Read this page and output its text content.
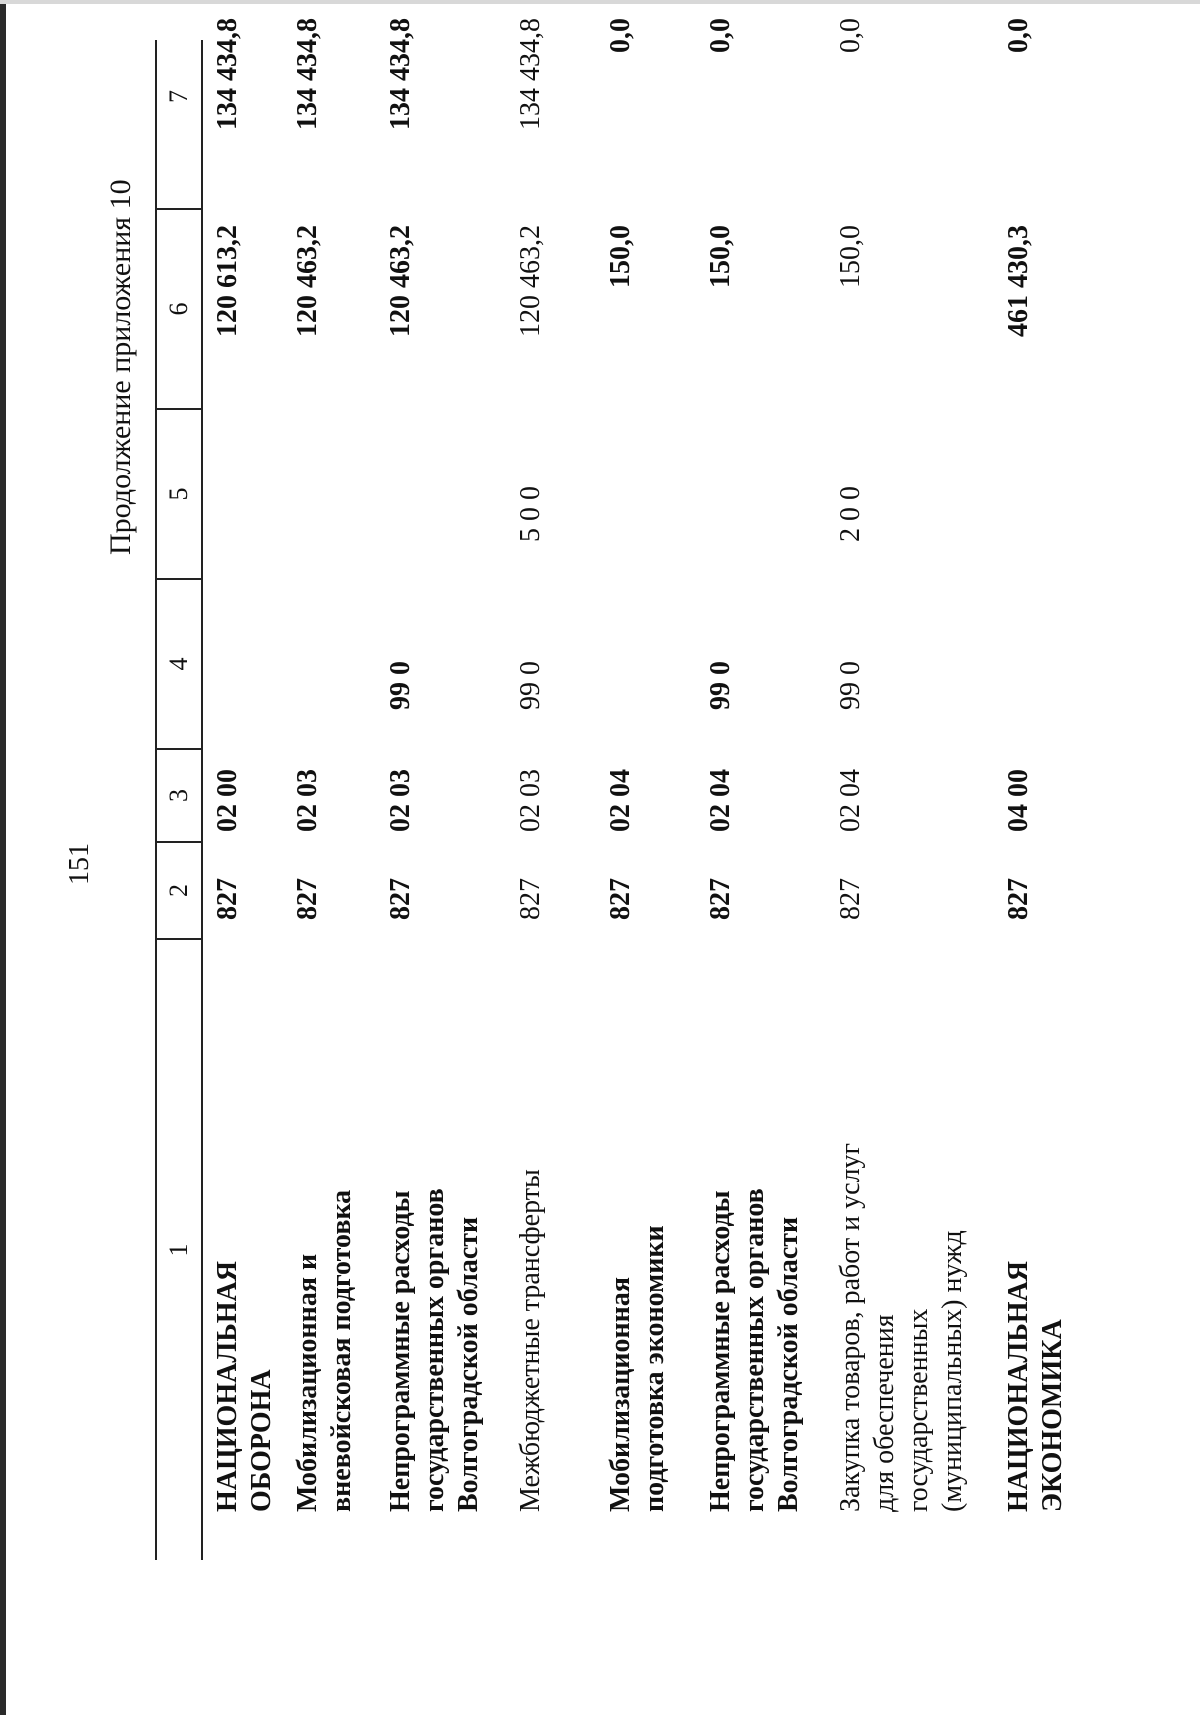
151
Продолжение приложения 10
1
2
3
4
5
6
7
НАЦИОНАЛЬНАЯ ОБОРОНА
827
02 00
120 613,2
134 434,8
Мобилизационная и вневойсковая подготовка
827
02 03
120 463,2
134 434,8
Непрограммные расходы государственных органов Волгоградской области
827
02 03
99 0
120 463,2
134 434,8
Межбюджетные трансферты
827
02 03
99 0
5 0 0
120 463,2
134 434,8
Мобилизационная подготовка экономики
827
02 04
150,0
0,0
Непрограммные расходы государственных органов Волгоградской области
827
02 04
99 0
150,0
0,0
Закупка товаров, работ и услуг для обеспечения государственных (муниципальных) нужд
827
02 04
99 0
2 0 0
150,0
0,0
НАЦИОНАЛЬНАЯ ЭКОНОМИКА
827
04 00
461 430,3
0,0
